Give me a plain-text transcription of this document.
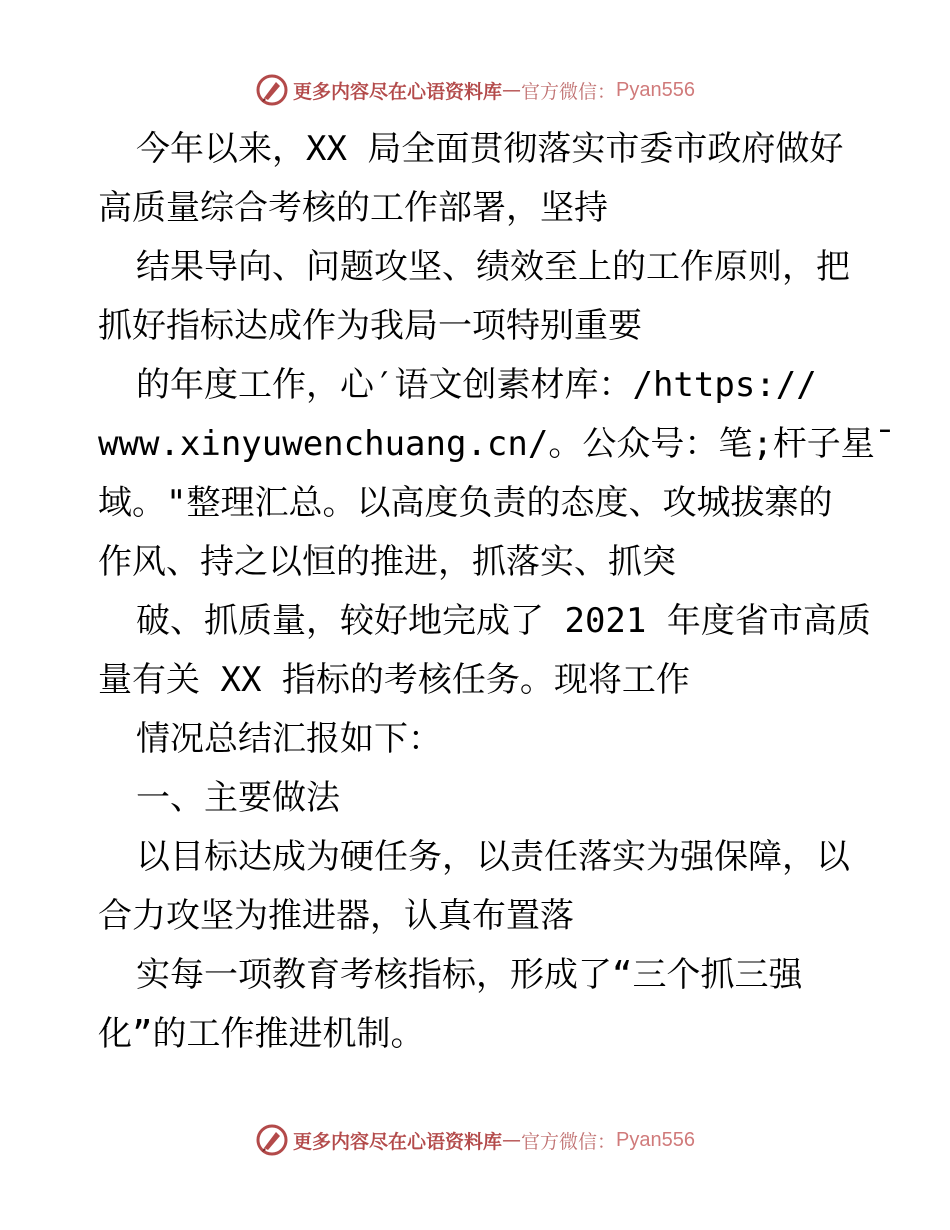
更多内容尽在心语资料库 — 官方微信： Pyan556
今年以来，XX 局全面贯彻落实市委市政府做好
高质量综合考核的工作部署，坚持
结果导向、问题攻坚、绩效至上的工作原则，把
抓好指标达成作为我局一项特别重要
的年度工作，心′语文创素材库：/https://
www.xinyuwenchuang.cn/。公众号：笔;杆子星¯
域。"整理汇总。以高度负责的态度、攻城拔寨的
作风、持之以恒的推进，抓落实、抓突
破、抓质量，较好地完成了 2021 年度省市高质
量有关 XX 指标的考核任务。现将工作
情况总结汇报如下：
一、主要做法
以目标达成为硬任务，以责任落实为强保障，以
合力攻坚为推进器，认真布置落
实每一项教育考核指标，形成了“三个抓三强
化”的工作推进机制。
更多内容尽在心语资料库 — 官方微信： Pyan556
